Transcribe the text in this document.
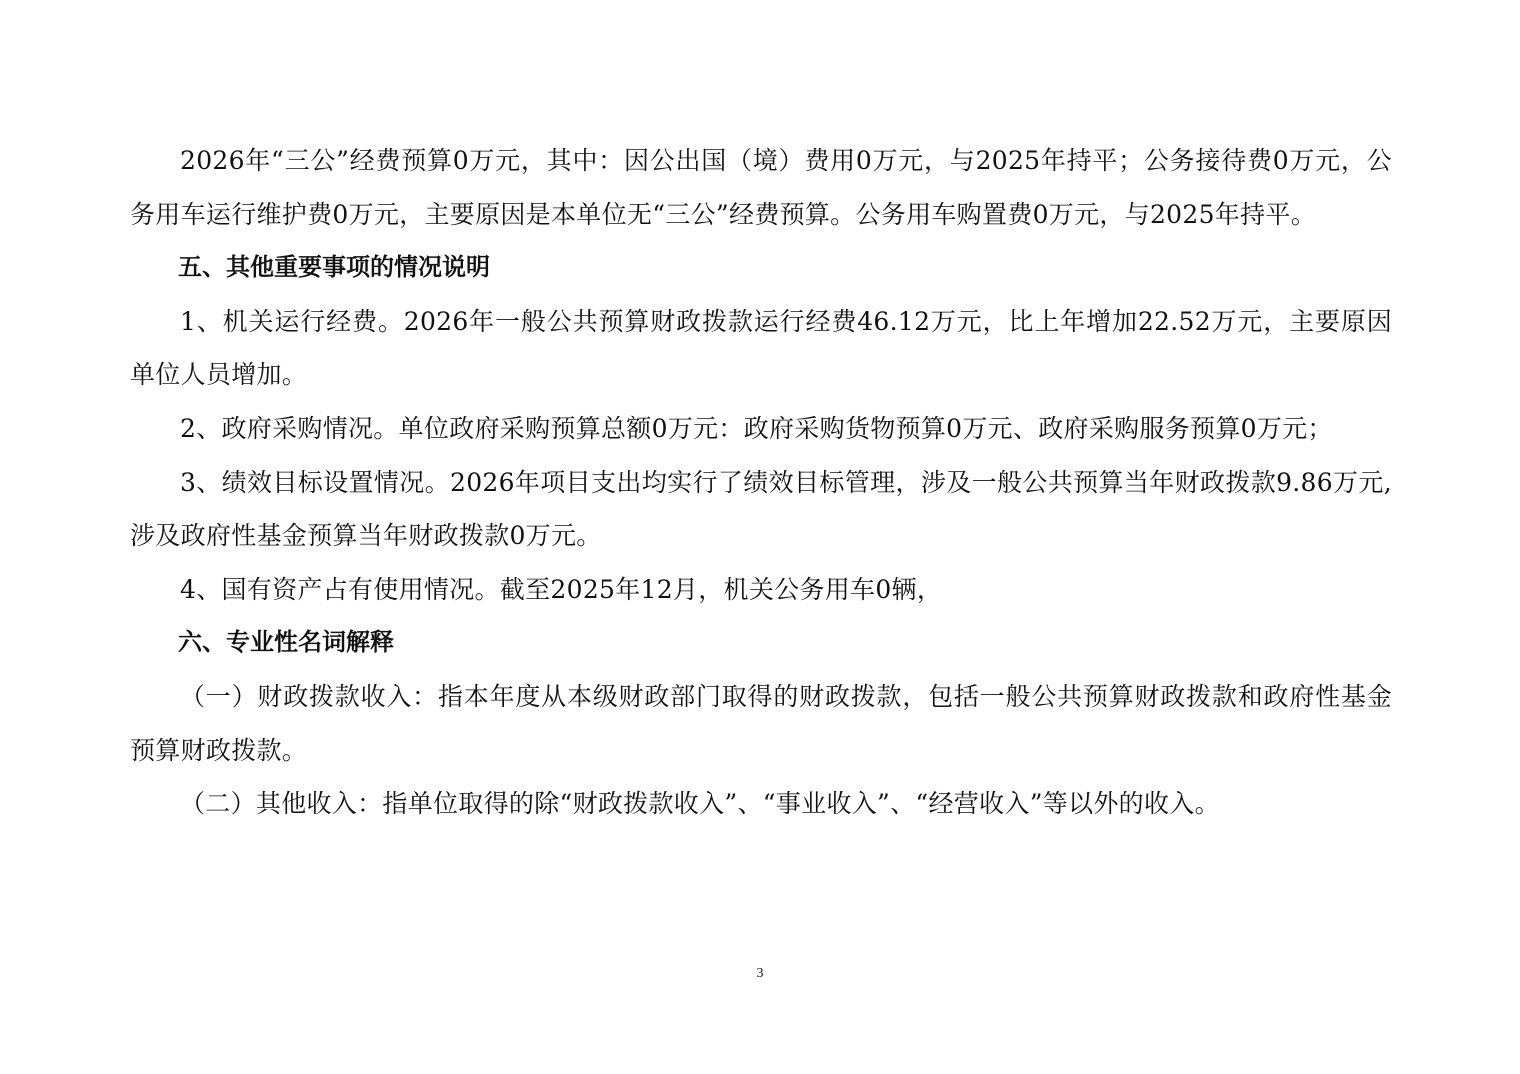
2026年“三公”经费预算0万元，其中：因公出国（境）费用0万元，与2025年持平；公务接待费0万元，公务用车运行维护费0万元，主要原因是本单位无“三公”经费预算。公务用车购置费0万元，与2025年持平。

五、其他重要事项的情况说明

1、机关运行经费。2026年一般公共预算财政拨款运行经费46.12万元，比上年增加22.52万元，主要原因单位人员增加。

2、政府采购情况。单位政府采购预算总额0万元：政府采购货物预算0万元、政府采购服务预算0万元；

3、绩效目标设置情况。2026年项目支出均实行了绩效目标管理，涉及一般公共预算当年财政拨款9.86万元,涉及政府性基金预算当年财政拨款0万元。

4、国有资产占有使用情况。截至2025年12月，机关公务用车0辆，

六、专业性名词解释

（一）财政拨款收入：指本年度从本级财政部门取得的财政拨款，包括一般公共预算财政拨款和政府性基金预算财政拨款。

（二）其他收入：指单位取得的除“财政拨款收入”、“事业收入”、“经营收入”等以外的收入。

3
